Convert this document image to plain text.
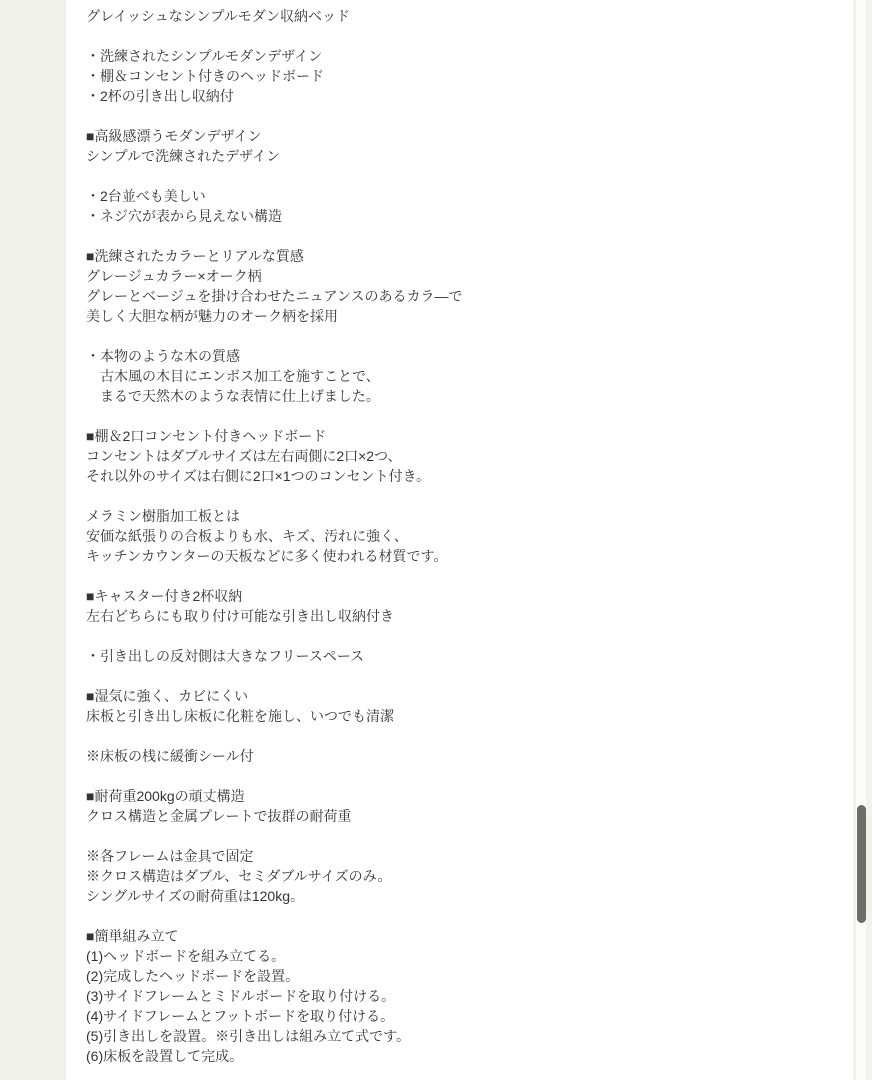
グレイッシュなシンプルモダン収納ベッド
・洗練されたシンプルモダンデザイン
・棚＆コンセント付きのヘッドボード
・2杯の引き出し収納付
■高級感漂うモダンデザイン
シンプルで洗練されたデザイン
・2台並べも美しい
・ネジ穴が表から見えない構造
■洗練されたカラーとリアルな質感
グレージュカラー×オーク柄
グレーとベージュを掛け合わせたニュアンスのあるカラ―で
美しく大胆な柄が魅力のオーク柄を採用
・本物のような木の質感
　古木風の木目にエンボス加工を施すことで、
　まるで天然木のような表情に仕上げました。
■棚＆2口コンセント付きヘッドボード
コンセントはダブルサイズは左右両側に2口×2つ、
それ以外のサイズは右側に2口×1つのコンセント付き。
メラミン樹脂加工板とは
安価な紙張りの合板よりも水、キズ、汚れに強く、
キッチンカウンターの天板などに多く使われる材質です。
■キャスター付き2杯収納
左右どちらにも取り付け可能な引き出し収納付き
・引き出しの反対側は大きなフリースペース
■湿気に強く、カビにくい
床板と引き出し床板に化粧を施し、いつでも清潔
※床板の桟に緩衝シール付
■耐荷重200kgの頑丈構造
クロス構造と金属プレートで抜群の耐荷重
※各フレームは金具で固定
※クロス構造はダブル、セミダブルサイズのみ。
シングルサイズの耐荷重は120kg。
■簡単組み立て
(1)ヘッドボードを組み立てる。
(2)完成したヘッドボードを設置。
(3)サイドフレームとミドルボードを取り付ける。
(4)サイドフレームとフットボードを取り付ける。
(5)引き出しを設置。※引き出しは組み立て式です。
(6)床板を設置して完成。
